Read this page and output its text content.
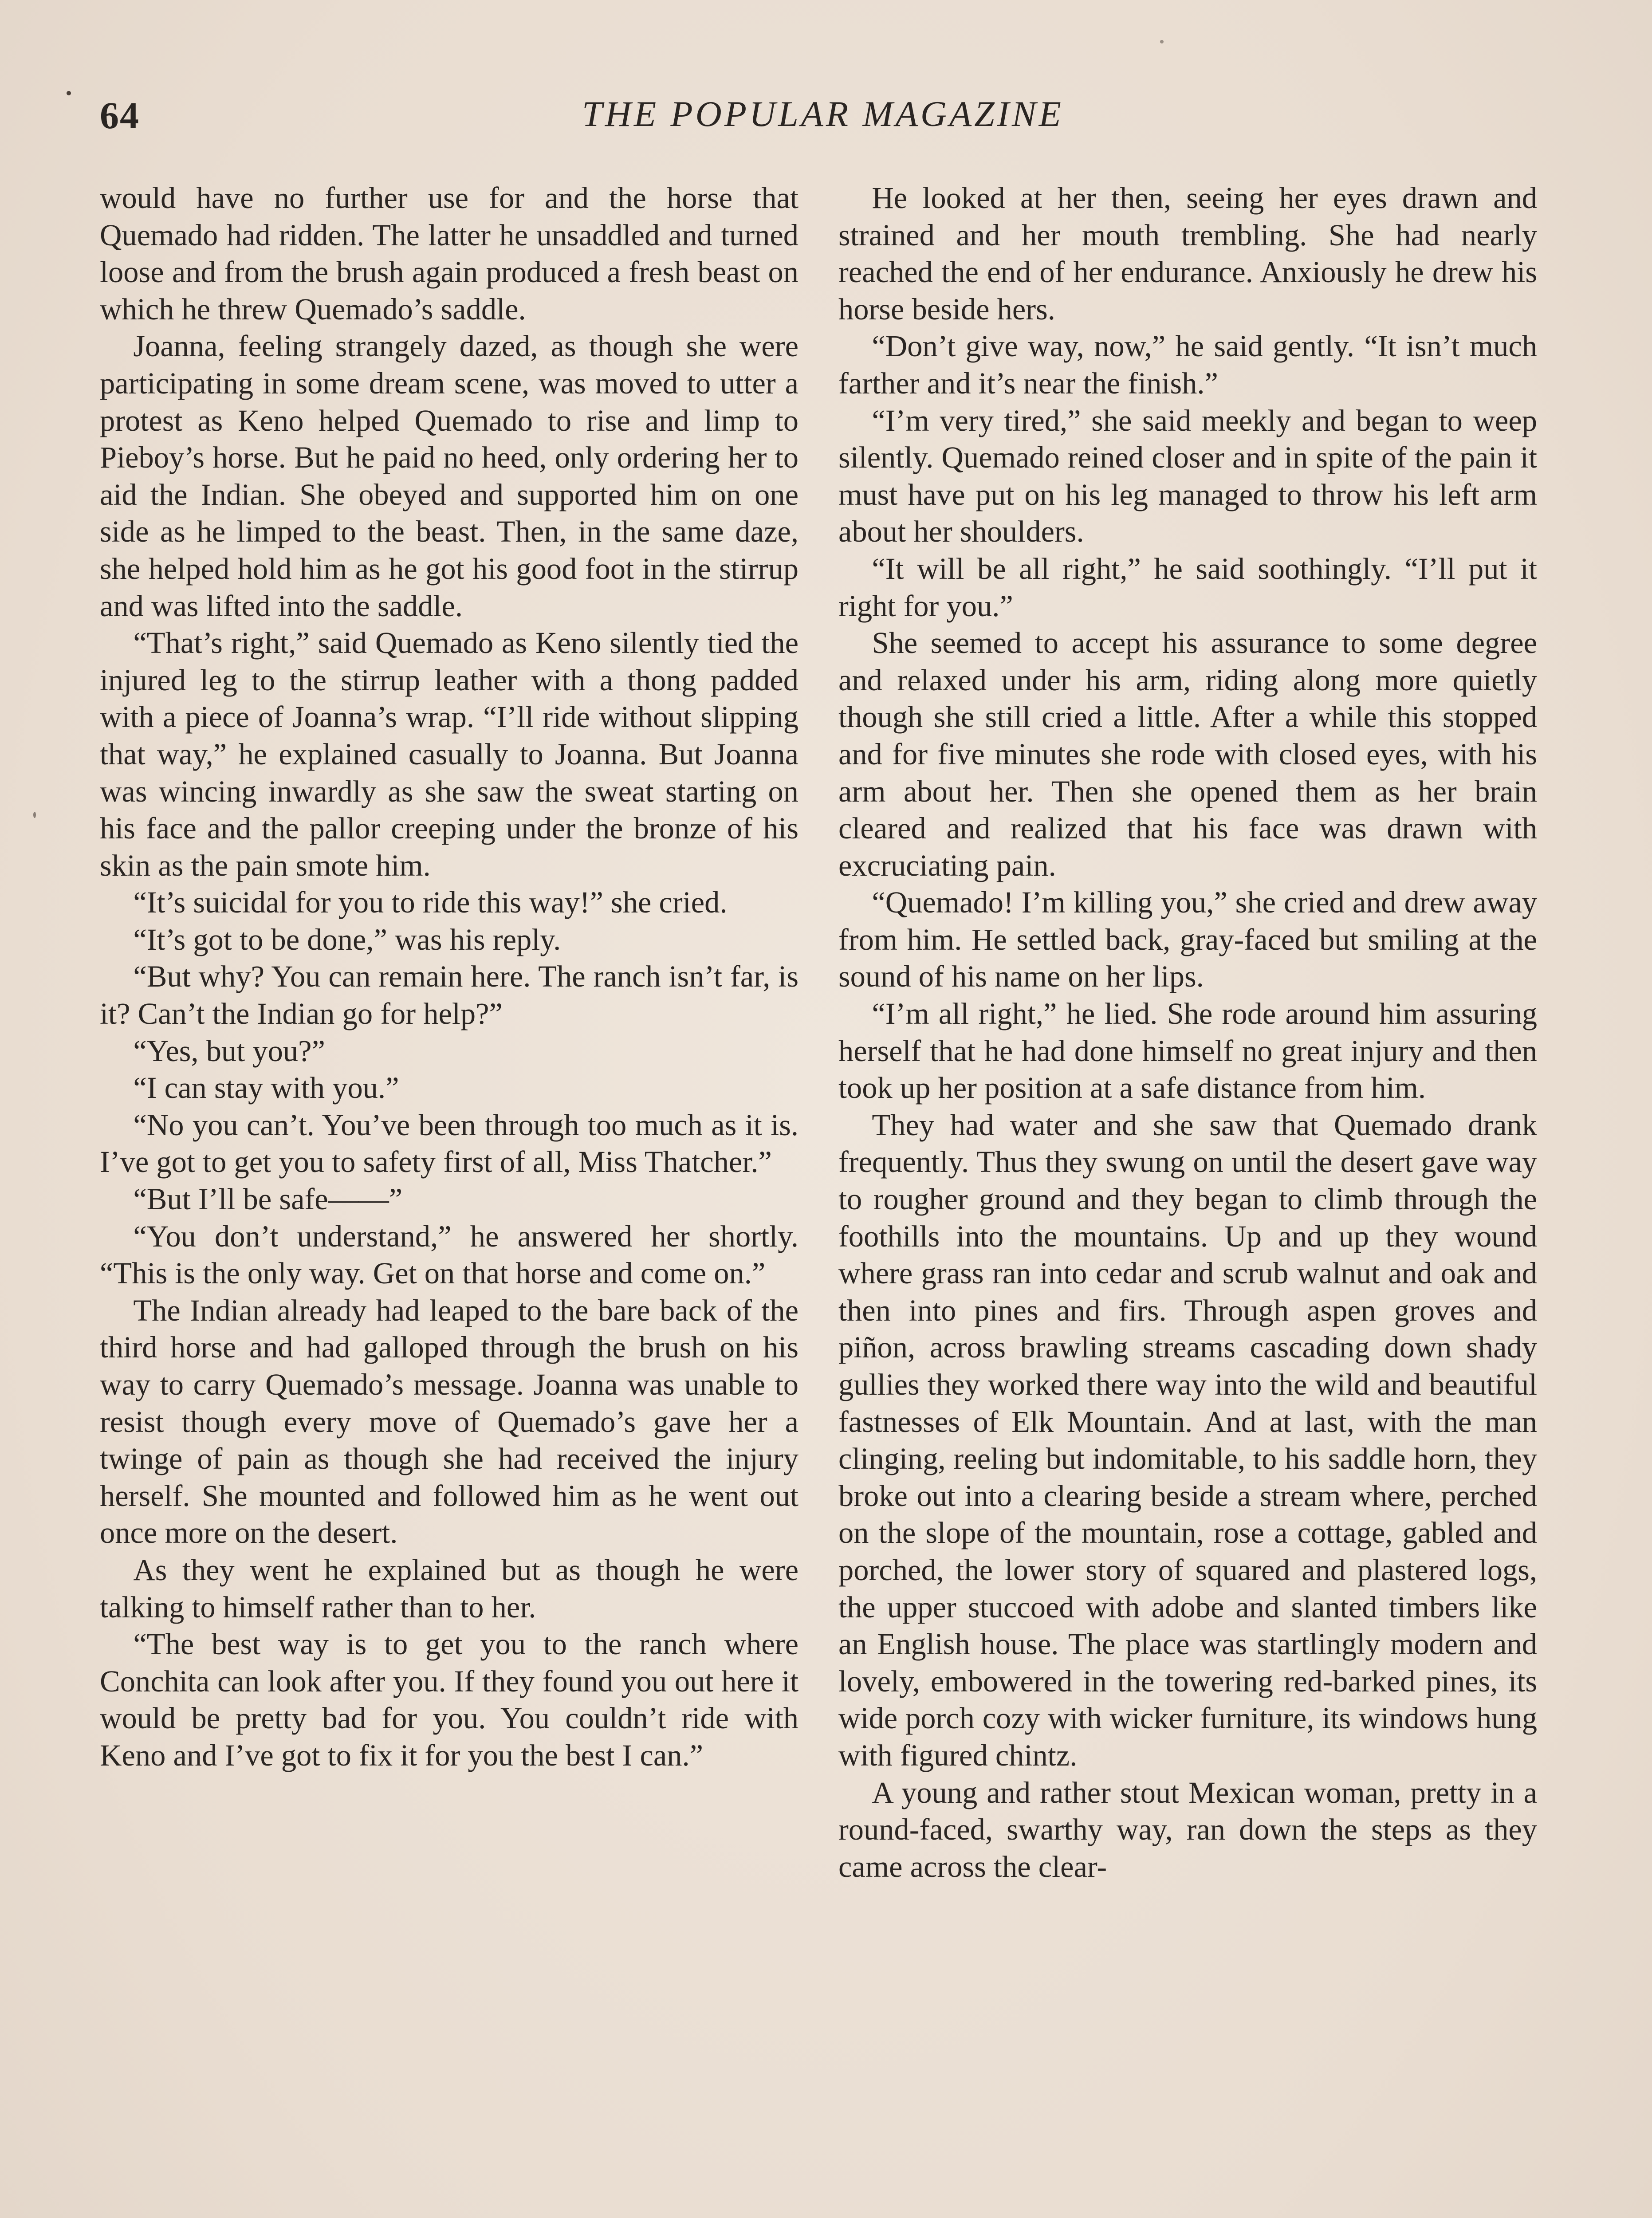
64	THE POPULAR MAGAZINE

would have no further use for and the horse that Quemado had ridden. The latter he unsaddled and turned loose and from the brush again produced a fresh beast on which he threw Quemado’s saddle.

Joanna, feeling strangely dazed, as though she were participating in some dream scene, was moved to utter a protest as Keno helped Quemado to rise and limp to Pieboy’s horse. But he paid no heed, only ordering her to aid the Indian. She obeyed and supported him on one side as he limped to the beast. Then, in the same daze, she helped hold him as he got his good foot in the stirrup and was lifted into the saddle.

“That’s right,” said Quemado as Keno silently tied the injured leg to the stirrup leather with a thong padded with a piece of Joanna’s wrap. “I’ll ride without slipping that way,” he explained casually to Joanna. But Joanna was wincing inwardly as she saw the sweat starting on his face and the pallor creeping under the bronze of his skin as the pain smote him.

“It’s suicidal for you to ride this way!” she cried.

“It’s got to be done,” was his reply.

“But why? You can remain here. The ranch isn’t far, is it? Can’t the Indian go for help?”

“Yes, but you?”

“I can stay with you.”

“No you can’t. You’ve been through too much as it is. I’ve got to get you to safety first of all, Miss Thatcher.”

“But I’ll be safe——”

“You don’t understand,” he answered her shortly. “This is the only way. Get on that horse and come on.”

The Indian already had leaped to the bare back of the third horse and had galloped through the brush on his way to carry Quemado’s message. Joanna was unable to resist though every move of Quemado’s gave her a twinge of pain as though she had received the injury herself. She mounted and followed him as he went out once more on the desert.

As they went he explained but as though he were talking to himself rather than to her.

“The best way is to get you to the ranch where Conchita can look after you. If they found you out here it would be pretty bad for you. You couldn’t ride with Keno and I’ve got to fix it for you the best I can.”

He looked at her then, seeing her eyes drawn and strained and her mouth trembling. She had nearly reached the end of her endurance. Anxiously he drew his horse beside hers.

“Don’t give way, now,” he said gently. “It isn’t much farther and it’s near the finish.”

“I’m very tired,” she said meekly and began to weep silently. Quemado reined closer and in spite of the pain it must have put on his leg managed to throw his left arm about her shoulders.

“It will be all right,” he said soothingly. “I’ll put it right for you.”

She seemed to accept his assurance to some degree and relaxed under his arm, riding along more quietly though she still cried a little. After a while this stopped and for five minutes she rode with closed eyes, with his arm about her. Then she opened them as her brain cleared and realized that his face was drawn with excruciating pain.

“Quemado! I’m killing you,” she cried and drew away from him. He settled back, gray-faced but smiling at the sound of his name on her lips.

“I’m all right,” he lied. She rode around him assuring herself that he had done himself no great injury and then took up her position at a safe distance from him.

They had water and she saw that Quemado drank frequently. Thus they swung on until the desert gave way to rougher ground and they began to climb through the foothills into the mountains. Up and up they wound where grass ran into cedar and scrub walnut and oak and then into pines and firs. Through aspen groves and piñon, across brawling streams cascading down shady gullies they worked there way into the wild and beautiful fastnesses of Elk Mountain. And at last, with the man clinging, reeling but indomitable, to his saddle horn, they broke out into a clearing beside a stream where, perched on the slope of the mountain, rose a cottage, gabled and porched, the lower story of squared and plastered logs, the upper stuccoed with adobe and slanted timbers like an English house. The place was startlingly modern and lovely, embowered in the towering red-barked pines, its wide porch cozy with wicker furniture, its windows hung with figured chintz.

A young and rather stout Mexican woman, pretty in a round-faced, swarthy way, ran down the steps as they came across the clear-
